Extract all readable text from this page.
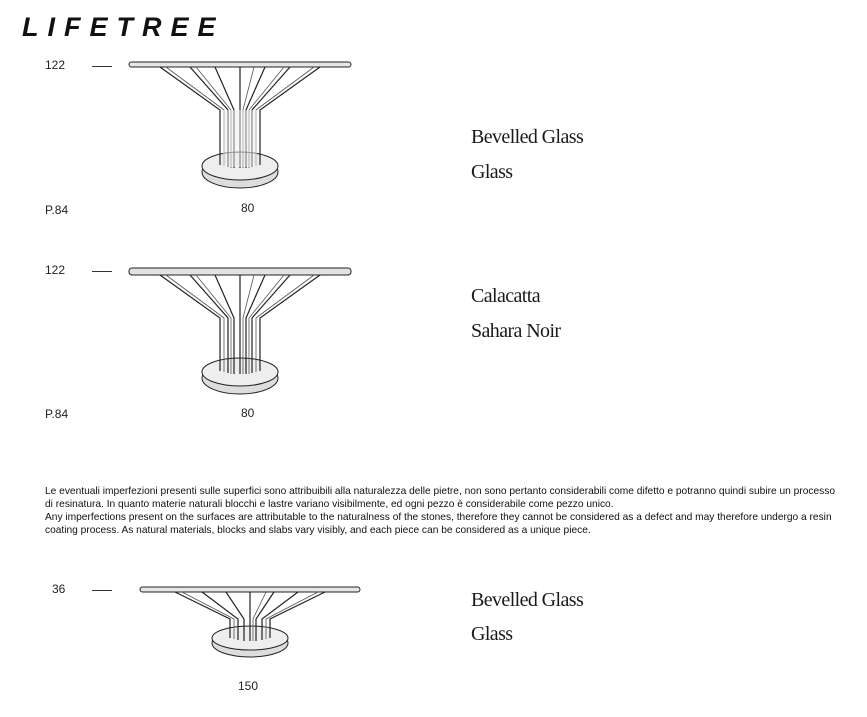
LIFETREE
122
80
P.84
Bevelled Glass
Glass
122
80
P.84
Calacatta
Sahara Noir

Le eventuali imperfezioni presenti sulle superfici sono attribuibili alla naturalezza delle pietre, non sono pertanto considerabili come difetto e potranno quindi subire un processo di resinatura. In quanto materie naturali blocchi e lastre variano visibilmente, ed ogni pezzo è considerabile come pezzo unico.

Any imperfections present on the surfaces are attributable to the naturalness of the stones, therefore they cannot be considered as a defect and may therefore undergo a resin coating process. As natural materials, blocks and slabs vary visibly, and each piece can be considered as a unique piece.

36
150
Bevelled Glass
Glass
